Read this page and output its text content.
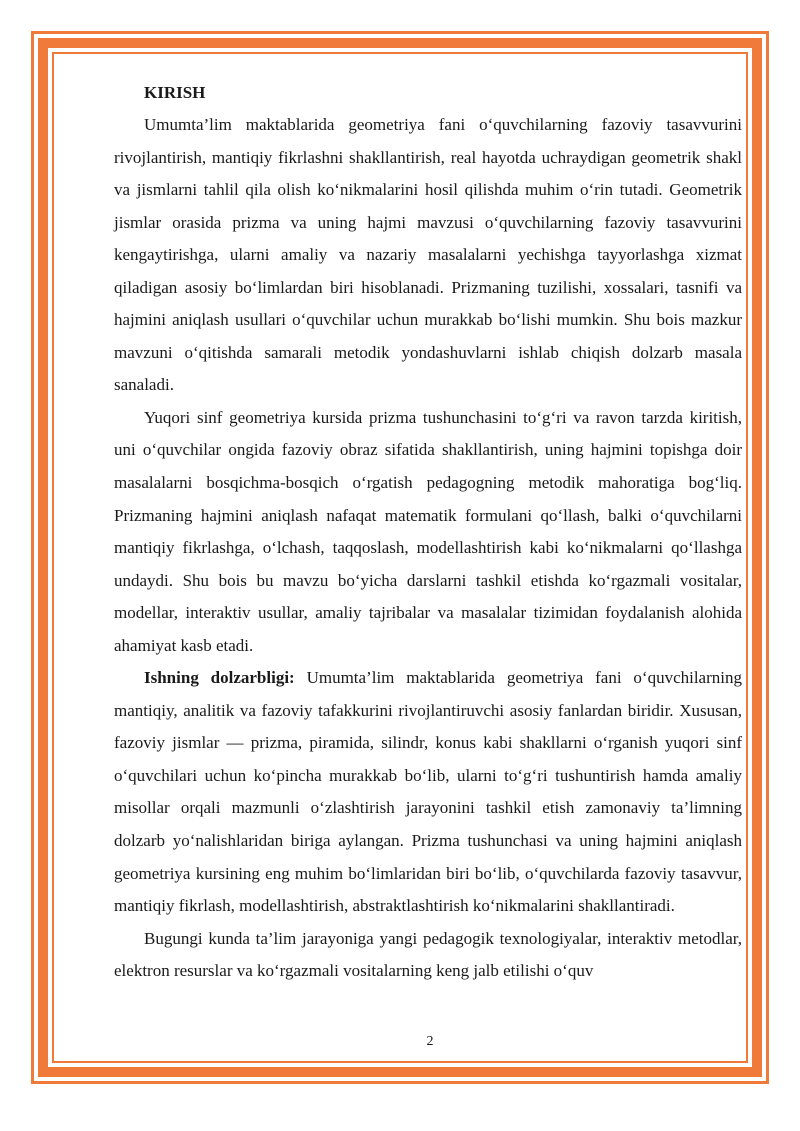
KIRISH

Umumta’lim maktablarida geometriya fani o‘quvchilarning fazoviy tasavvurini rivojlantirish, mantiqiy fikrlashni shakllantirish, real hayotda uchraydigan geometrik shakl va jismlarni tahlil qila olish ko‘nikmalarini hosil qilishda muhim o‘rin tutadi. Geometrik jismlar orasida prizma va uning hajmi mavzusi o‘quvchilarning fazoviy tasavvurini kengaytirishga, ularni amaliy va nazariy masalalarni yechishga tayyorlashga xizmat qiladigan asosiy bo‘limlardan biri hisoblanadi. Prizmaning tuzilishi, xossalari, tasnifi va hajmini aniqlash usullari o‘quvchilar uchun murakkab bo‘lishi mumkin. Shu bois mazkur mavzuni o‘qitishda samarali metodik yondashuvlarni ishlab chiqish dolzarb masala sanaladi.

Yuqori sinf geometriya kursida prizma tushunchasini to‘g‘ri va ravon tarzda kiritish, uni o‘quvchilar ongida fazoviy obraz sifatida shakllantirish, uning hajmini topishga doir masalalarni bosqichma-bosqich o‘rgatish pedagogning metodik mahoratiga bog‘liq. Prizmaning hajmini aniqlash nafaqat matematik formulani qo‘llash, balki o‘quvchilarni mantiqiy fikrlashga, o‘lchash, taqqoslash, modellashtirish kabi ko‘nikmalarni qo‘llashga undaydi. Shu bois bu mavzu bo‘yicha darslarni tashkil etishda ko‘rgazmali vositalar, modellar, interaktiv usullar, amaliy tajribalar va masalalar tizimidan foydalanish alohida ahamiyat kasb etadi.

Ishning dolzarbligi: Umumta’lim maktablarida geometriya fani o‘quvchilarning mantiqiy, analitik va fazoviy tafakkurini rivojlantiruvchi asosiy fanlardan biridir. Xususan, fazoviy jismlar — prizma, piramida, silindr, konus kabi shakllarni o‘rganish yuqori sinf o‘quvchilari uchun ko‘pincha murakkab bo‘lib, ularni to‘g‘ri tushuntirish hamda amaliy misollar orqali mazmunli o‘zlashtirish jarayonini tashkil etish zamonaviy ta’limning dolzarb yo‘nalishlaridan biriga aylangan. Prizma tushunchasi va uning hajmini aniqlash geometriya kursining eng muhim bo‘limlaridan biri bo‘lib, o‘quvchilarda fazoviy tasavvur, mantiqiy fikrlash, modellashtirish, abstraktlashtirish ko‘nikmalarini shakllantiradi.

Bugungi kunda ta’lim jarayoniga yangi pedagogik texnologiyalar, interaktiv metodlar, elektron resurslar va ko‘rgazmali vositalarning keng jalb etilishi o‘quv

2
